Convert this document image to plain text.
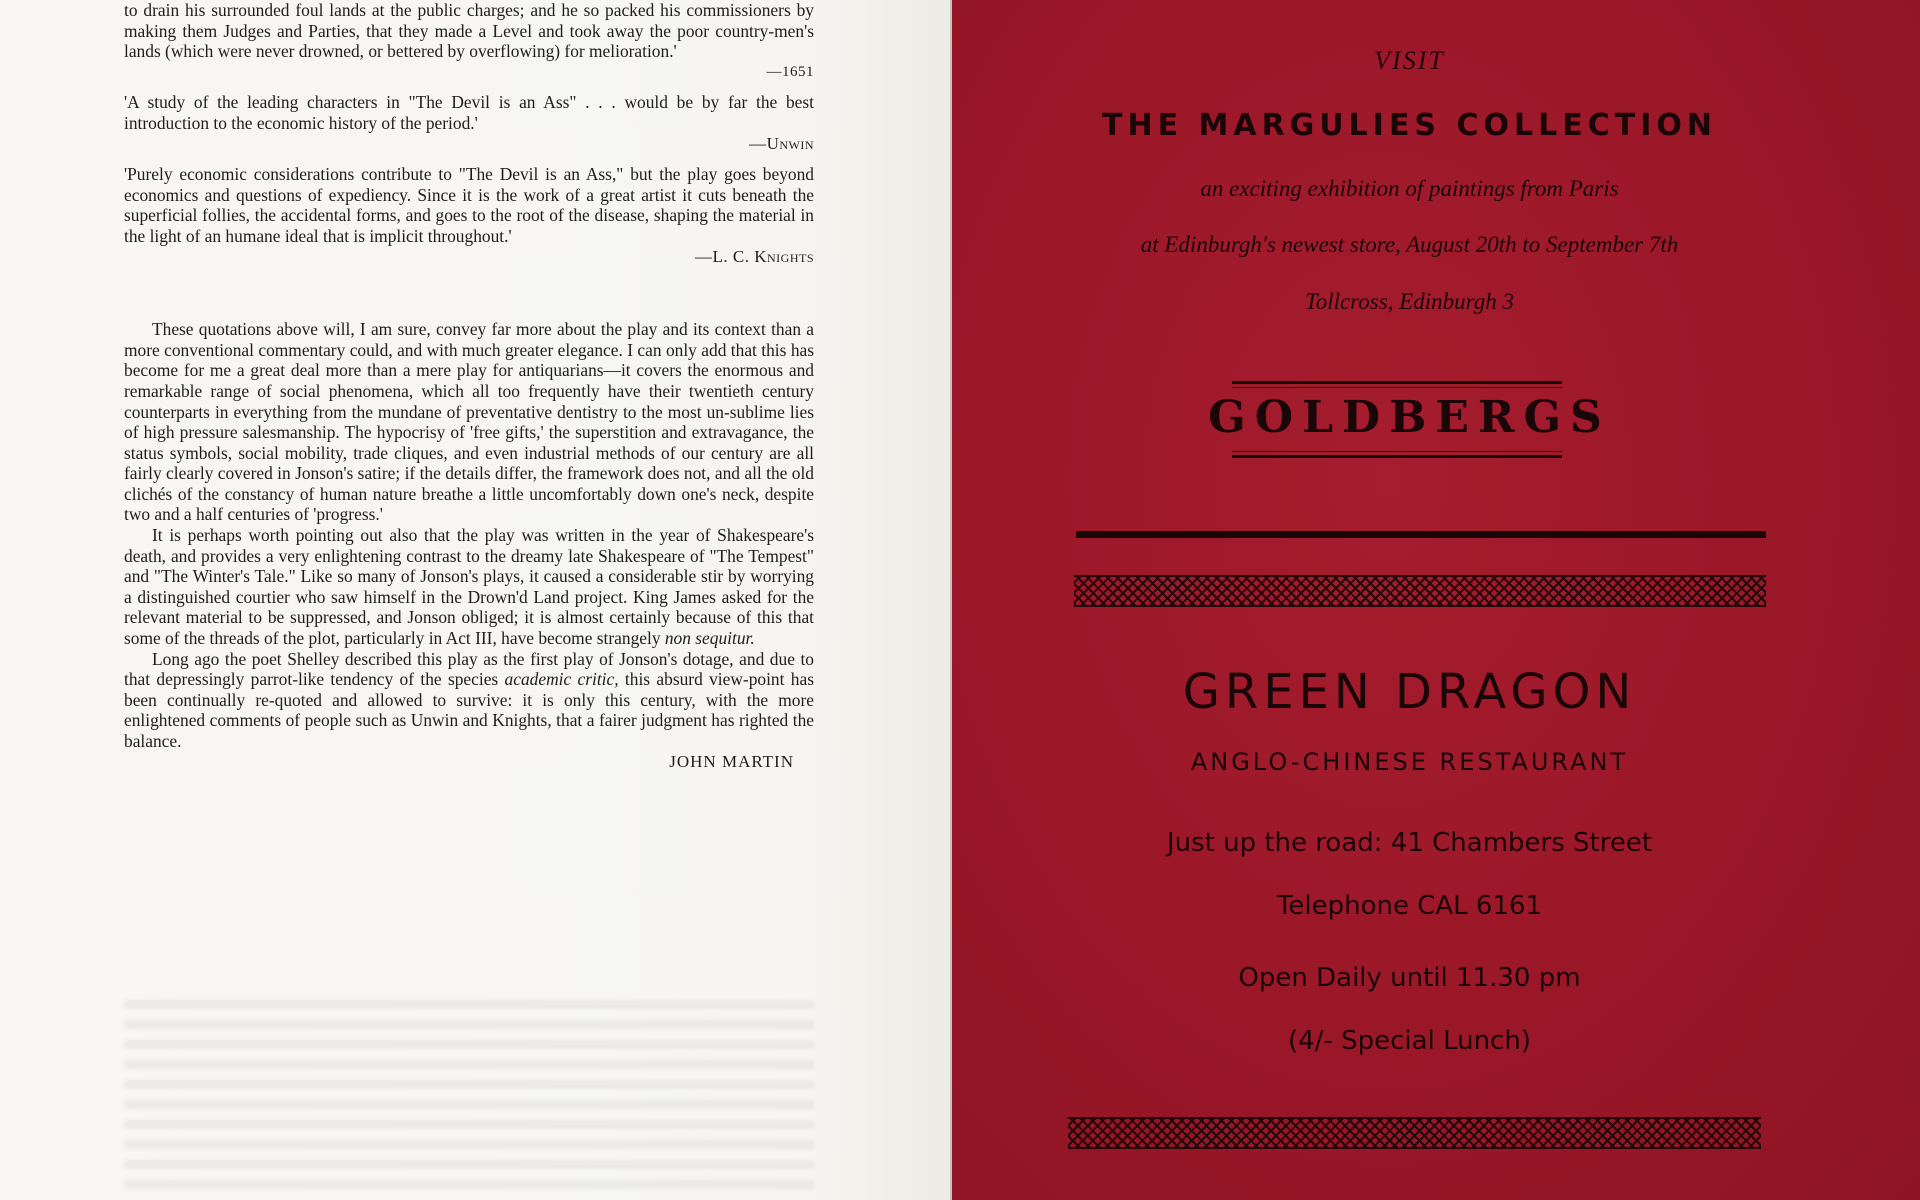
to drain his surrounded foul lands at the public charges; and he so packed his commissioners by making them Judges and Parties, that they made a Level and took away the poor country-men's lands (which were never drowned, or bettered by overflowing) for melioration.'

—1651

'A study of the leading characters in "The Devil is an Ass" . . . would be by far the best introduction to the economic history of the period.'

—Unwin

'Purely economic considerations contribute to "The Devil is an Ass," but the play goes beyond economics and questions of expediency. Since it is the work of a great artist it cuts beneath the superficial follies, the accidental forms, and goes to the root of the disease, shaping the material in the light of an humane ideal that is implicit throughout.'

—L. C. Knights

These quotations above will, I am sure, convey far more about the play and its context than a more conventional commentary could, and with much greater elegance. I can only add that this has become for me a great deal more than a mere play for antiquarians—it covers the enormous and remarkable range of social phenomena, which all too frequently have their twentieth century counterparts in everything from the mundane of preventative dentistry to the most un-sublime lies of high pressure salesmanship. The hypocrisy of 'free gifts,' the superstition and extravagance, the status symbols, social mobility, trade cliques, and even industrial methods of our century are all fairly clearly covered in Jonson's satire; if the details differ, the framework does not, and all the old clichés of the constancy of human nature breathe a little uncomfortably down one's neck, despite two and a half centuries of 'progress.'

It is perhaps worth pointing out also that the play was written in the year of Shakespeare's death, and provides a very enlightening contrast to the dreamy late Shakespeare of "The Tempest" and "The Winter's Tale." Like so many of Jonson's plays, it caused a considerable stir by worrying a distinguished courtier who saw himself in the Drown'd Land project. King James asked for the relevant material to be suppressed, and Jonson obliged; it is almost certainly because of this that some of the threads of the plot, particularly in Act III, have become strangely non sequitur.

Long ago the poet Shelley described this play as the first play of Jonson's dotage, and due to that depressingly parrot-like tendency of the species academic critic, this absurd view-point has been continually re-quoted and allowed to survive: it is only this century, with the more enlightened comments of people such as Unwin and Knights, that a fairer judgment has righted the balance.

JOHN MARTIN

VISIT
THE MARGULIES COLLECTION
an exciting exhibition of paintings from Paris
at Edinburgh's newest store, August 20th to September 7th
Tollcross, Edinburgh 3
GOLDBERGS
GREEN DRAGON
ANGLO-CHINESE RESTAURANT
Just up the road: 41 Chambers Street
Telephone CAL 6161
Open Daily until 11.30 pm
(4/- Special Lunch)
